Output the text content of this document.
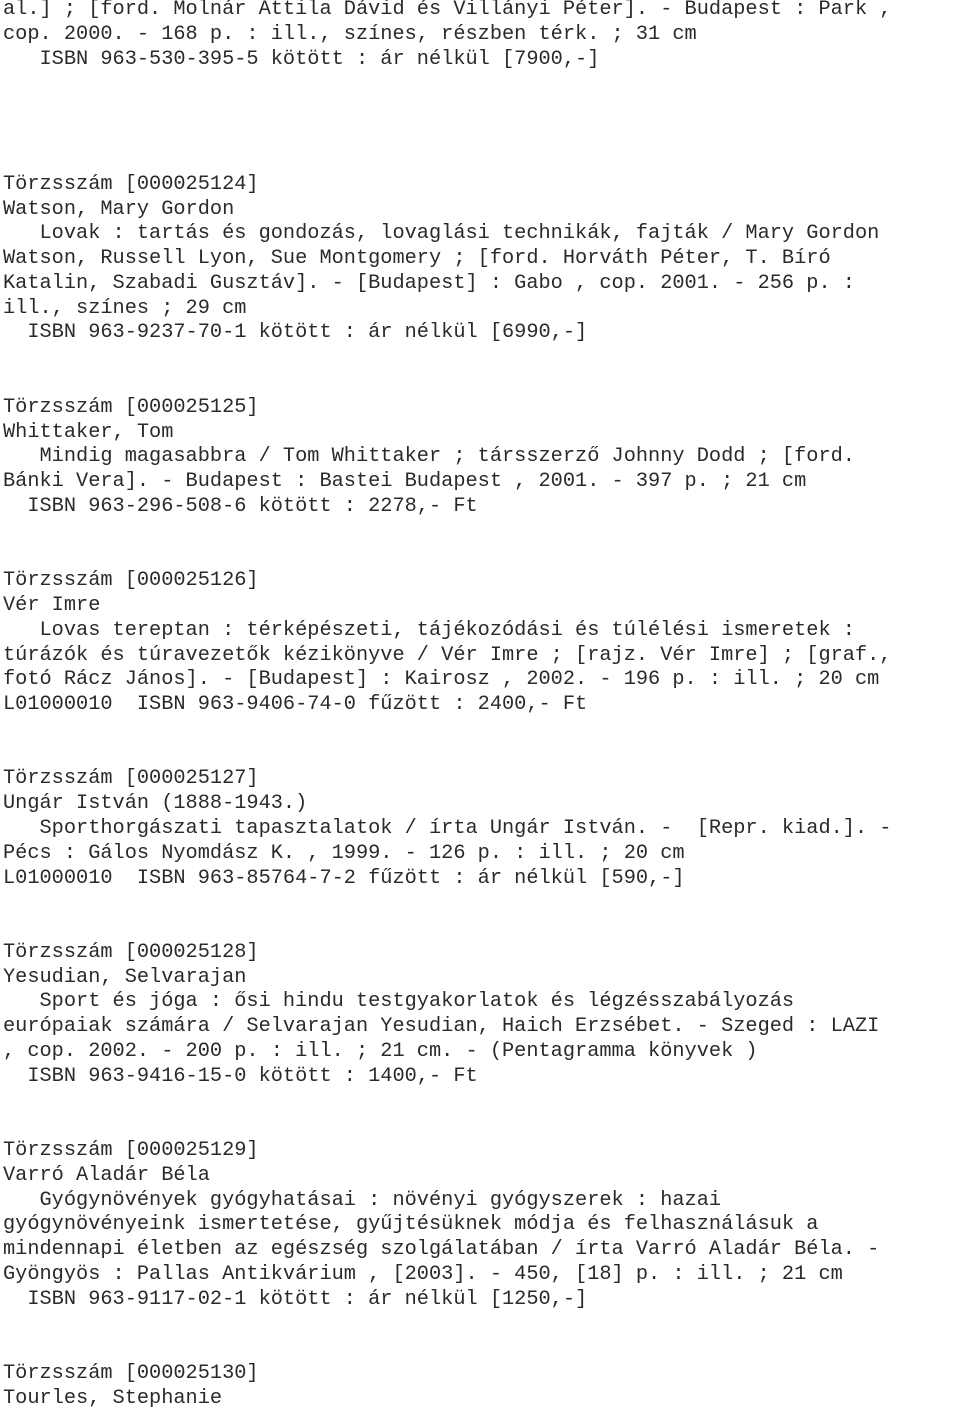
al.] ; [ford. Molnár Attila Dávid és Villányi Péter]. - Budapest : Park ,
cop. 2000. - 168 p. : ill., színes, részben térk. ; 31 cm
ISBN 963-530-395-5 kötött : ár nélkül [7900,-]
Törzsszám [000025124]
Watson, Mary Gordon
Lovak : tartás és gondozás, lovaglási technikák, fajták / Mary Gordon
Watson, Russell Lyon, Sue Montgomery ; [ford. Horváth Péter, T. Bíró
Katalin, Szabadi Gusztáv]. - [Budapest] : Gabo , cop. 2001. - 256 p. :
ill., színes ; 29 cm
ISBN 963-9237-70-1 kötött : ár nélkül [6990,-]
Törzsszám [000025125]
Whittaker, Tom
Mindig magasabbra / Tom Whittaker ; társszerző Johnny Dodd ; [ford.
Bánki Vera]. - Budapest : Bastei Budapest , 2001. - 397 p. ; 21 cm
ISBN 963-296-508-6 kötött : 2278,- Ft
Törzsszám [000025126]
Vér Imre
Lovas tereptan : térképészeti, tájékozódási és túlélési ismeretek :
túrázók és túravezetők kézikönyve / Vér Imre ; [rajz. Vér Imre] ; [graf.,
fotó Rácz János]. - [Budapest] : Kairosz , 2002. - 196 p. : ill. ; 20 cm
L01000010  ISBN 963-9406-74-0 fűzött : 2400,- Ft
Törzsszám [000025127]
Ungár István (1888-1943.)
Sporthorgászati tapasztalatok / írta Ungár István. -  [Repr. kiad.]. -
Pécs : Gálos Nyomdász K. , 1999. - 126 p. : ill. ; 20 cm
L01000010  ISBN 963-85764-7-2 fűzött : ár nélkül [590,-]
Törzsszám [000025128]
Yesudian, Selvarajan
Sport és jóga : ősi hindu testgyakorlatok és légzésszabályozás
európaiak számára / Selvarajan Yesudian, Haich Erzsébet. - Szeged : LAZI
, cop. 2002. - 200 p. : ill. ; 21 cm. - (Pentagramma könyvek )
ISBN 963-9416-15-0 kötött : 1400,- Ft
Törzsszám [000025129]
Varró Aladár Béla
Gyógynövények gyógyhatásai : növényi gyógyszerek : hazai
gyógynövényeink ismertetése, gyűjtésüknek módja és felhasználásuk a
mindennapi életben az egészség szolgálatában / írta Varró Aladár Béla. -
Gyöngyös : Pallas Antikvárium , [2003]. - 450, [18] p. : ill. ; 21 cm
ISBN 963-9117-02-1 kötött : ár nélkül [1250,-]
Törzsszám [000025130]
Tourles, Stephanie
